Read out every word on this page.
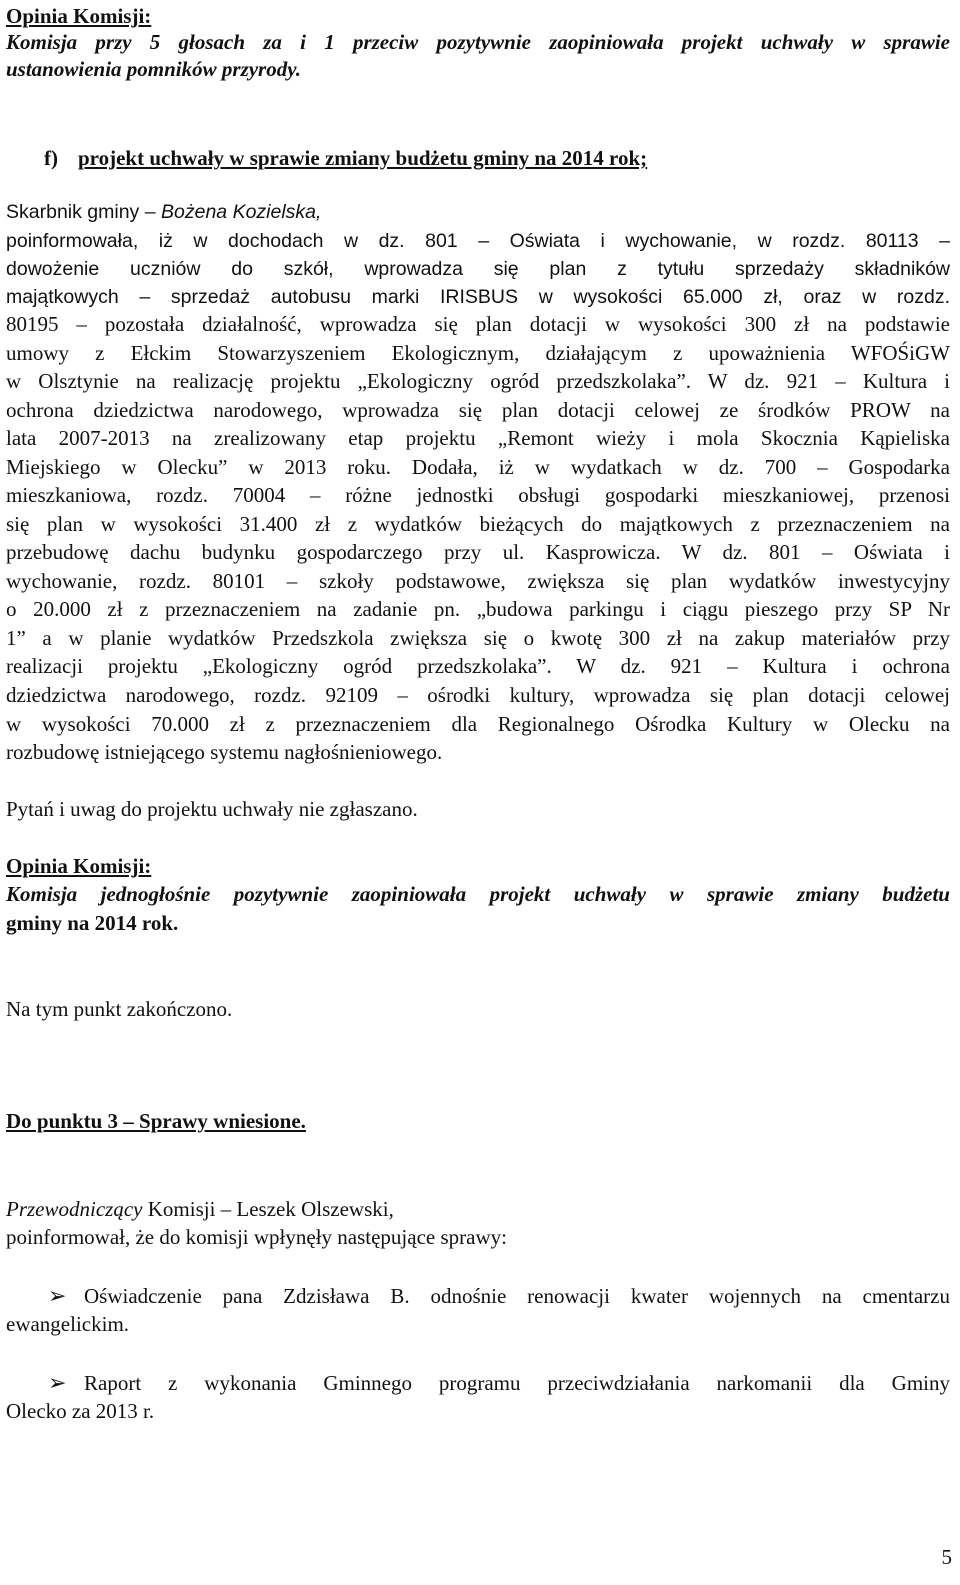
Opinia Komisji:
Komisja przy 5 głosach za i 1 przeciw pozytywnie zaopiniowała projekt uchwały w sprawie
ustanowienia pomników przyrody.
f) projekt uchwały w sprawie zmiany budżetu gminy na 2014 rok;
Skarbnik gminy – Bożena Kozielska,
poinformowała, iż w dochodach w dz. 801 – Oświata i wychowanie, w rozdz. 80113 –
dowożenie uczniów do szkół, wprowadza się plan z tytułu sprzedaży składników
majątkowych – sprzedaż autobusu marki IRISBUS w wysokości 65.000 zł, oraz w rozdz.
80195 – pozostała działalność, wprowadza się plan dotacji w wysokości 300 zł na podstawie
umowy z Ełckim Stowarzyszeniem Ekologicznym, działającym z upoważnienia WFOŚiGW
w Olsztynie na realizację projektu „Ekologiczny ogród przedszkolaka”. W dz. 921 – Kultura i
ochrona dziedzictwa narodowego, wprowadza się plan dotacji celowej ze środków PROW na
lata 2007-2013 na zrealizowany etap projektu „Remont wieży i mola Skocznia Kąpieliska
Miejskiego w Olecku” w 2013 roku. Dodała, iż w wydatkach w dz. 700 – Gospodarka
mieszkaniowa, rozdz. 70004 – różne jednostki obsługi gospodarki mieszkaniowej, przenosi
się plan w wysokości 31.400 zł z wydatków bieżących do majątkowych z przeznaczeniem na
przebudowę dachu budynku gospodarczego przy ul. Kasprowicza. W dz. 801 – Oświata i
wychowanie, rozdz. 80101 – szkoły podstawowe, zwiększa się plan wydatków inwestycyjny
o 20.000 zł z przeznaczeniem na zadanie pn. „budowa parkingu i ciągu pieszego przy SP Nr
1” a w planie wydatków Przedszkola zwiększa się o kwotę 300 zł na zakup materiałów przy
realizacji projektu „Ekologiczny ogród przedszkolaka”. W dz. 921 – Kultura i ochrona
dziedzictwa narodowego, rozdz. 92109 – ośrodki kultury, wprowadza się plan dotacji celowej
w wysokości 70.000 zł z przeznaczeniem dla Regionalnego Ośrodka Kultury w Olecku na
rozbudowę istniejącego systemu nagłośnieniowego.
Pytań i uwag do projektu uchwały nie zgłaszano.
Opinia Komisji:
Komisja jednogłośnie pozytywnie zaopiniowała projekt uchwały w sprawie zmiany budżetu
gminy na 2014 rok.
Na tym punkt zakończono.
Do punktu 3 – Sprawy wniesione.
Przewodniczący Komisji – Leszek Olszewski,
poinformował, że do komisji wpłynęły następujące sprawy:
➢ Oświadczenie pana Zdzisława B. odnośnie renowacji kwater wojennych na cmentarzu
ewangelickim.
➢ Raport z wykonania Gminnego programu przeciwdziałania narkomanii dla Gminy
Olecko za 2013 r.
5
